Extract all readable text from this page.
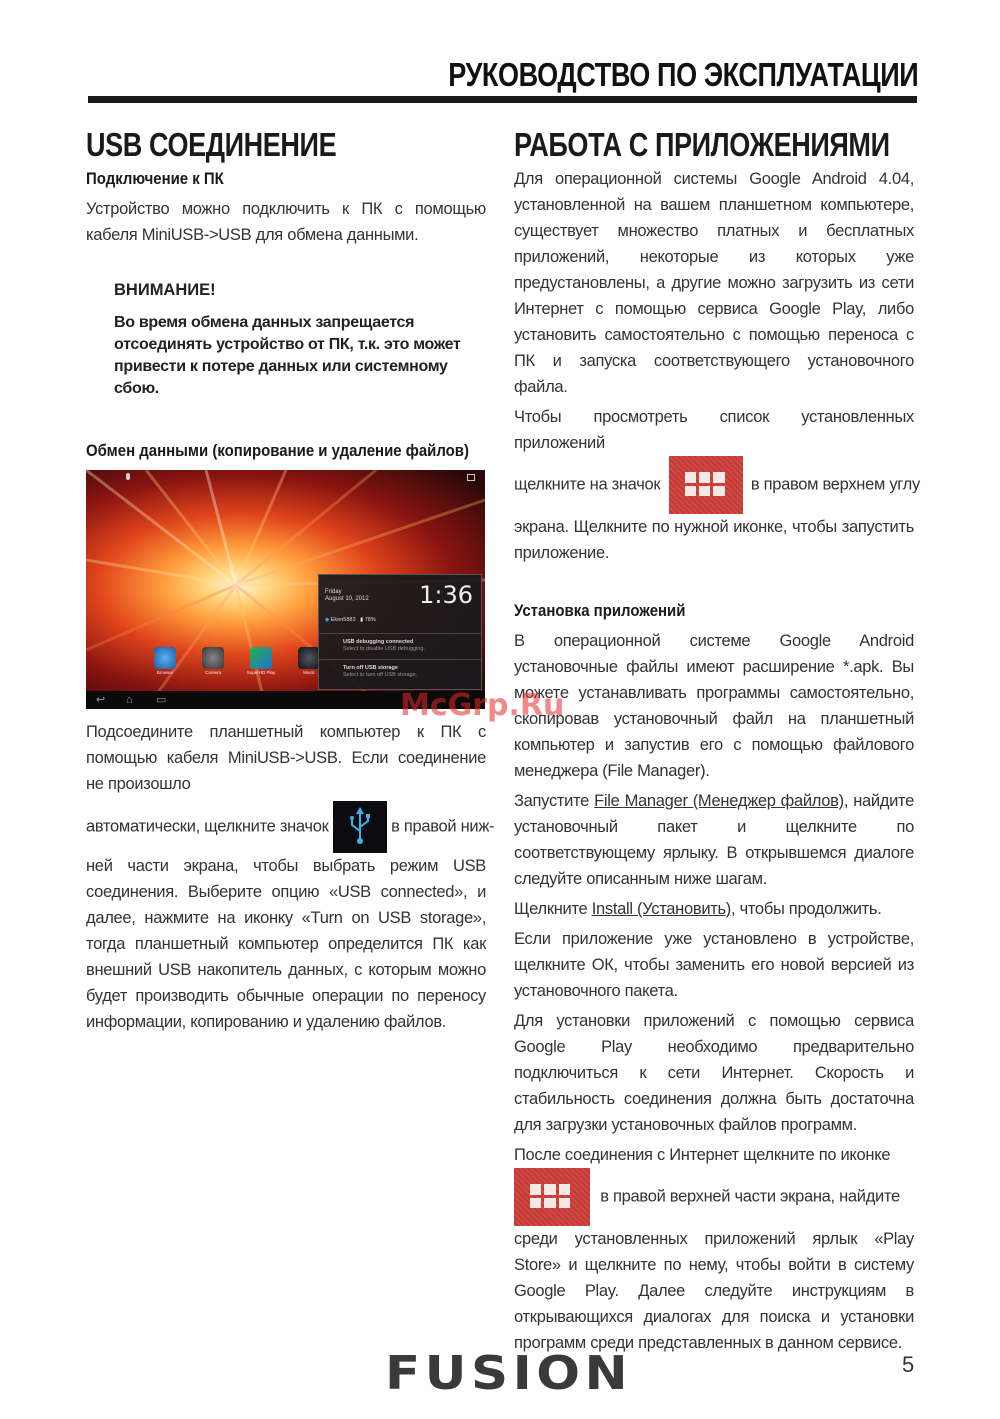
РУКОВОДСТВО ПО ЭКСПЛУАТАЦИИ
USB СОЕДИНЕНИЕ
Подключение к ПК
Устройство можно подключить к ПК с помощью кабеля MiniUSB->USB для обмена данными.
ВНИМАНИЕ!
Во время обмена данных запрещается отсоединять устройство от ПК, т.к. это может привести к потере данных или системному сбою.
Обмен данными (копирование и удаление файлов)
Browser	Camera	SuperHD Play	Music
Friday
August 10, 2012 1:36
◆ Eken5883 ▮ 78%
USB debugging connected
Select to disable USB debugging.
Turn off USB storage
Select to turn off USB storage.
↩ ⌂ ▭
Подсоедините планшетный компьютер к ПК с помощью кабеля MiniUSB->USB. Если соединение не произошло
автоматически, щелкните значок	в правой ниж-
ней части экрана, чтобы выбрать режим USB соединения. Выберите опцию «USB connected», и далее, нажмите на иконку «Turn on USB storage», тогда планшетный компьютер определится ПК как внешний USB накопитель данных, с которым можно будет производить обычные операции по переносу информации, копированию и удалению файлов.
РАБОТА С ПРИЛОЖЕНИЯМИ
Для операционной системы Google Android 4.04, установленной на вашем планшетном компьютере, существует множество платных и бесплатных приложений, некоторые из которых уже предустановлены, а другие можно загрузить из сети Интернет с помощью сервиса Google Play, либо установить самостоятельно с помощью переноса с ПК и запуска соответствующего установочного файла.
Чтобы просмотреть список установленных приложений
щелкните на значок	в правом верхнем углу
экрана. Щелкните по нужной иконке, чтобы запустить приложение.
Установка приложений
В операционной системе Google Android установочные файлы имеют расширение *.apk. Вы можете устанавливать программы самостоятельно, скопировав установочный файл на планшетный компьютер и запустив его с помощью файлового менеджера (File Manager).
Запустите File Manager (Менеджер файлов), найдите установочный пакет и щелкните по соответствующему ярлыку. В открывшемся диалоге следуйте описанным ниже шагам.
Щелкните Install (Установить), чтобы продолжить.
Если приложение уже установлено в устройстве, щелкните ОК, чтобы заменить его новой версией из установочного пакета.
Для установки приложений с помощью сервиса Google Play необходимо предварительно подключиться к сети Интернет. Скорость и стабильность соединения должна быть достаточна для загрузки установочных файлов программ.
После соединения с Интернет щелкните по иконке
в правой верхней части экрана, найдите
среди установленных приложений ярлык «Play Store» и щелкните по нему, чтобы войти в систему Google Play. Далее следуйте инструкциям в открывающихся диалогах для поиска и установки программ среди представленных в данном сервисе.
McGrp.Ru
FUSION	5
